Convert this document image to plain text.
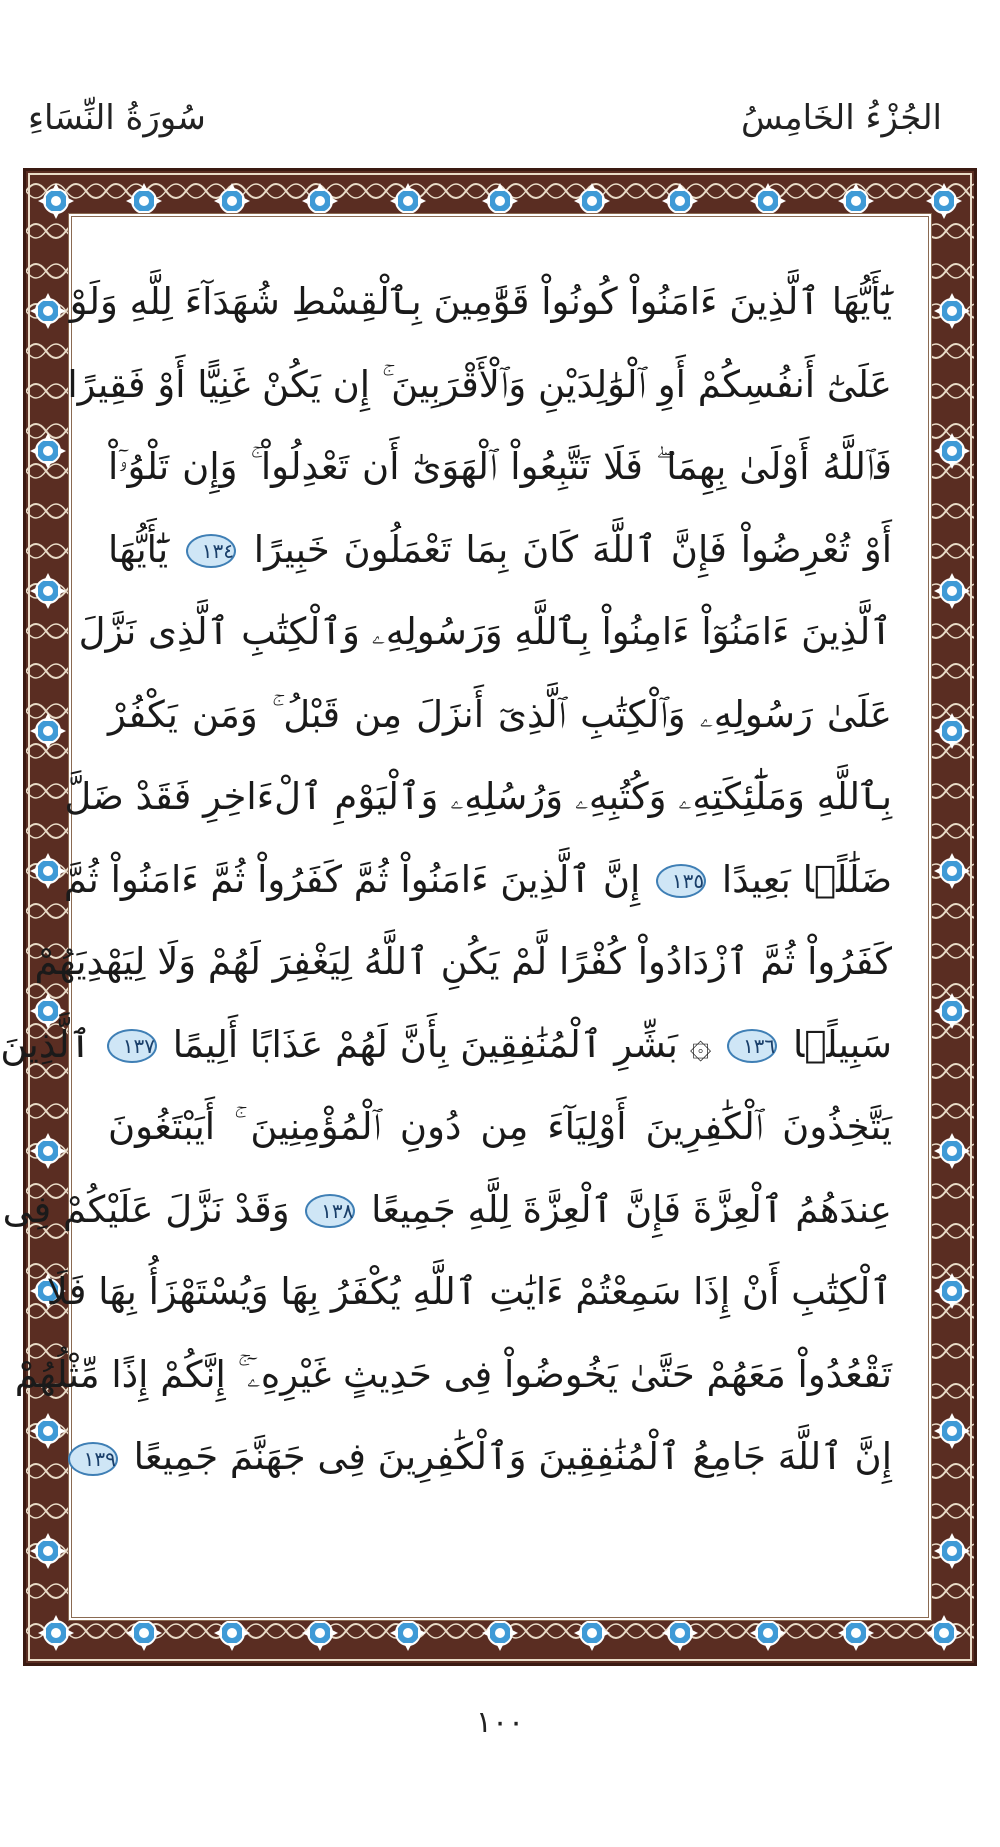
الجُزْءُ الخَامِسُ
سُورَةُ النِّسَاءِ
يَٰٓأَيُّهَا ٱلَّذِينَ ءَامَنُواْ كُونُواْ قَوَّٰمِينَ بِٱلْقِسْطِ شُهَدَآءَ لِلَّهِ وَلَوْ
عَلَىٰٓ أَنفُسِكُمْ أَوِ ٱلْوَٰلِدَيْنِ وَٱلْأَقْرَبِينَ ۚ إِن يَكُنْ غَنِيًّا أَوْ فَقِيرًا
فَٱللَّهُ أَوْلَىٰ بِهِمَا ۖ فَلَا تَتَّبِعُواْ ٱلْهَوَىٰٓ أَن تَعْدِلُواْ ۚ وَإِن تَلْوُۥٓاْ
أَوْ تُعْرِضُواْ فَإِنَّ ٱللَّهَ كَانَ بِمَا تَعْمَلُونَ خَبِيرًا ١٣٤ يَٰٓأَيُّهَا
ٱلَّذِينَ ءَامَنُوٓاْ ءَامِنُواْ بِٱللَّهِ وَرَسُولِهِۦ وَٱلْكِتَٰبِ ٱلَّذِى نَزَّلَ
عَلَىٰ رَسُولِهِۦ وَٱلْكِتَٰبِ ٱلَّذِىٓ أَنزَلَ مِن قَبْلُ ۚ وَمَن يَكْفُرْ
بِٱللَّهِ وَمَلَٰٓئِكَتِهِۦ وَكُتُبِهِۦ وَرُسُلِهِۦ وَٱلْيَوْمِ ٱلْءَاخِرِ فَقَدْ ضَلَّ
ضَلَٰلًۢا بَعِيدًا ١٣٥ إِنَّ ٱلَّذِينَ ءَامَنُواْ ثُمَّ كَفَرُواْ ثُمَّ ءَامَنُواْ ثُمَّ
كَفَرُواْ ثُمَّ ٱزْدَادُواْ كُفْرًا لَّمْ يَكُنِ ٱللَّهُ لِيَغْفِرَ لَهُمْ وَلَا لِيَهْدِيَهُمْ
سَبِيلًۢا ١٣٦ ۞ بَشِّرِ ٱلْمُنَٰفِقِينَ بِأَنَّ لَهُمْ عَذَابًا أَلِيمًا ١٣٧ ٱلَّذِينَ
يَتَّخِذُونَ ٱلْكَٰفِرِينَ أَوْلِيَآءَ مِن دُونِ ٱلْمُؤْمِنِينَ ۚ أَيَبْتَغُونَ
عِندَهُمُ ٱلْعِزَّةَ فَإِنَّ ٱلْعِزَّةَ لِلَّهِ جَمِيعًا ١٣٨ وَقَدْ نَزَّلَ عَلَيْكُمْ فِى
ٱلْكِتَٰبِ أَنْ إِذَا سَمِعْتُمْ ءَايَٰتِ ٱللَّهِ يُكْفَرُ بِهَا وَيُسْتَهْزَأُ بِهَا فَلَا
تَقْعُدُواْ مَعَهُمْ حَتَّىٰ يَخُوضُواْ فِى حَدِيثٍ غَيْرِهِۦٓ ۚ إِنَّكُمْ إِذًا مِّثْلُهُمْ
إِنَّ ٱللَّهَ جَامِعُ ٱلْمُنَٰفِقِينَ وَٱلْكَٰفِرِينَ فِى جَهَنَّمَ جَمِيعًا ١٣٩
١٠٠
